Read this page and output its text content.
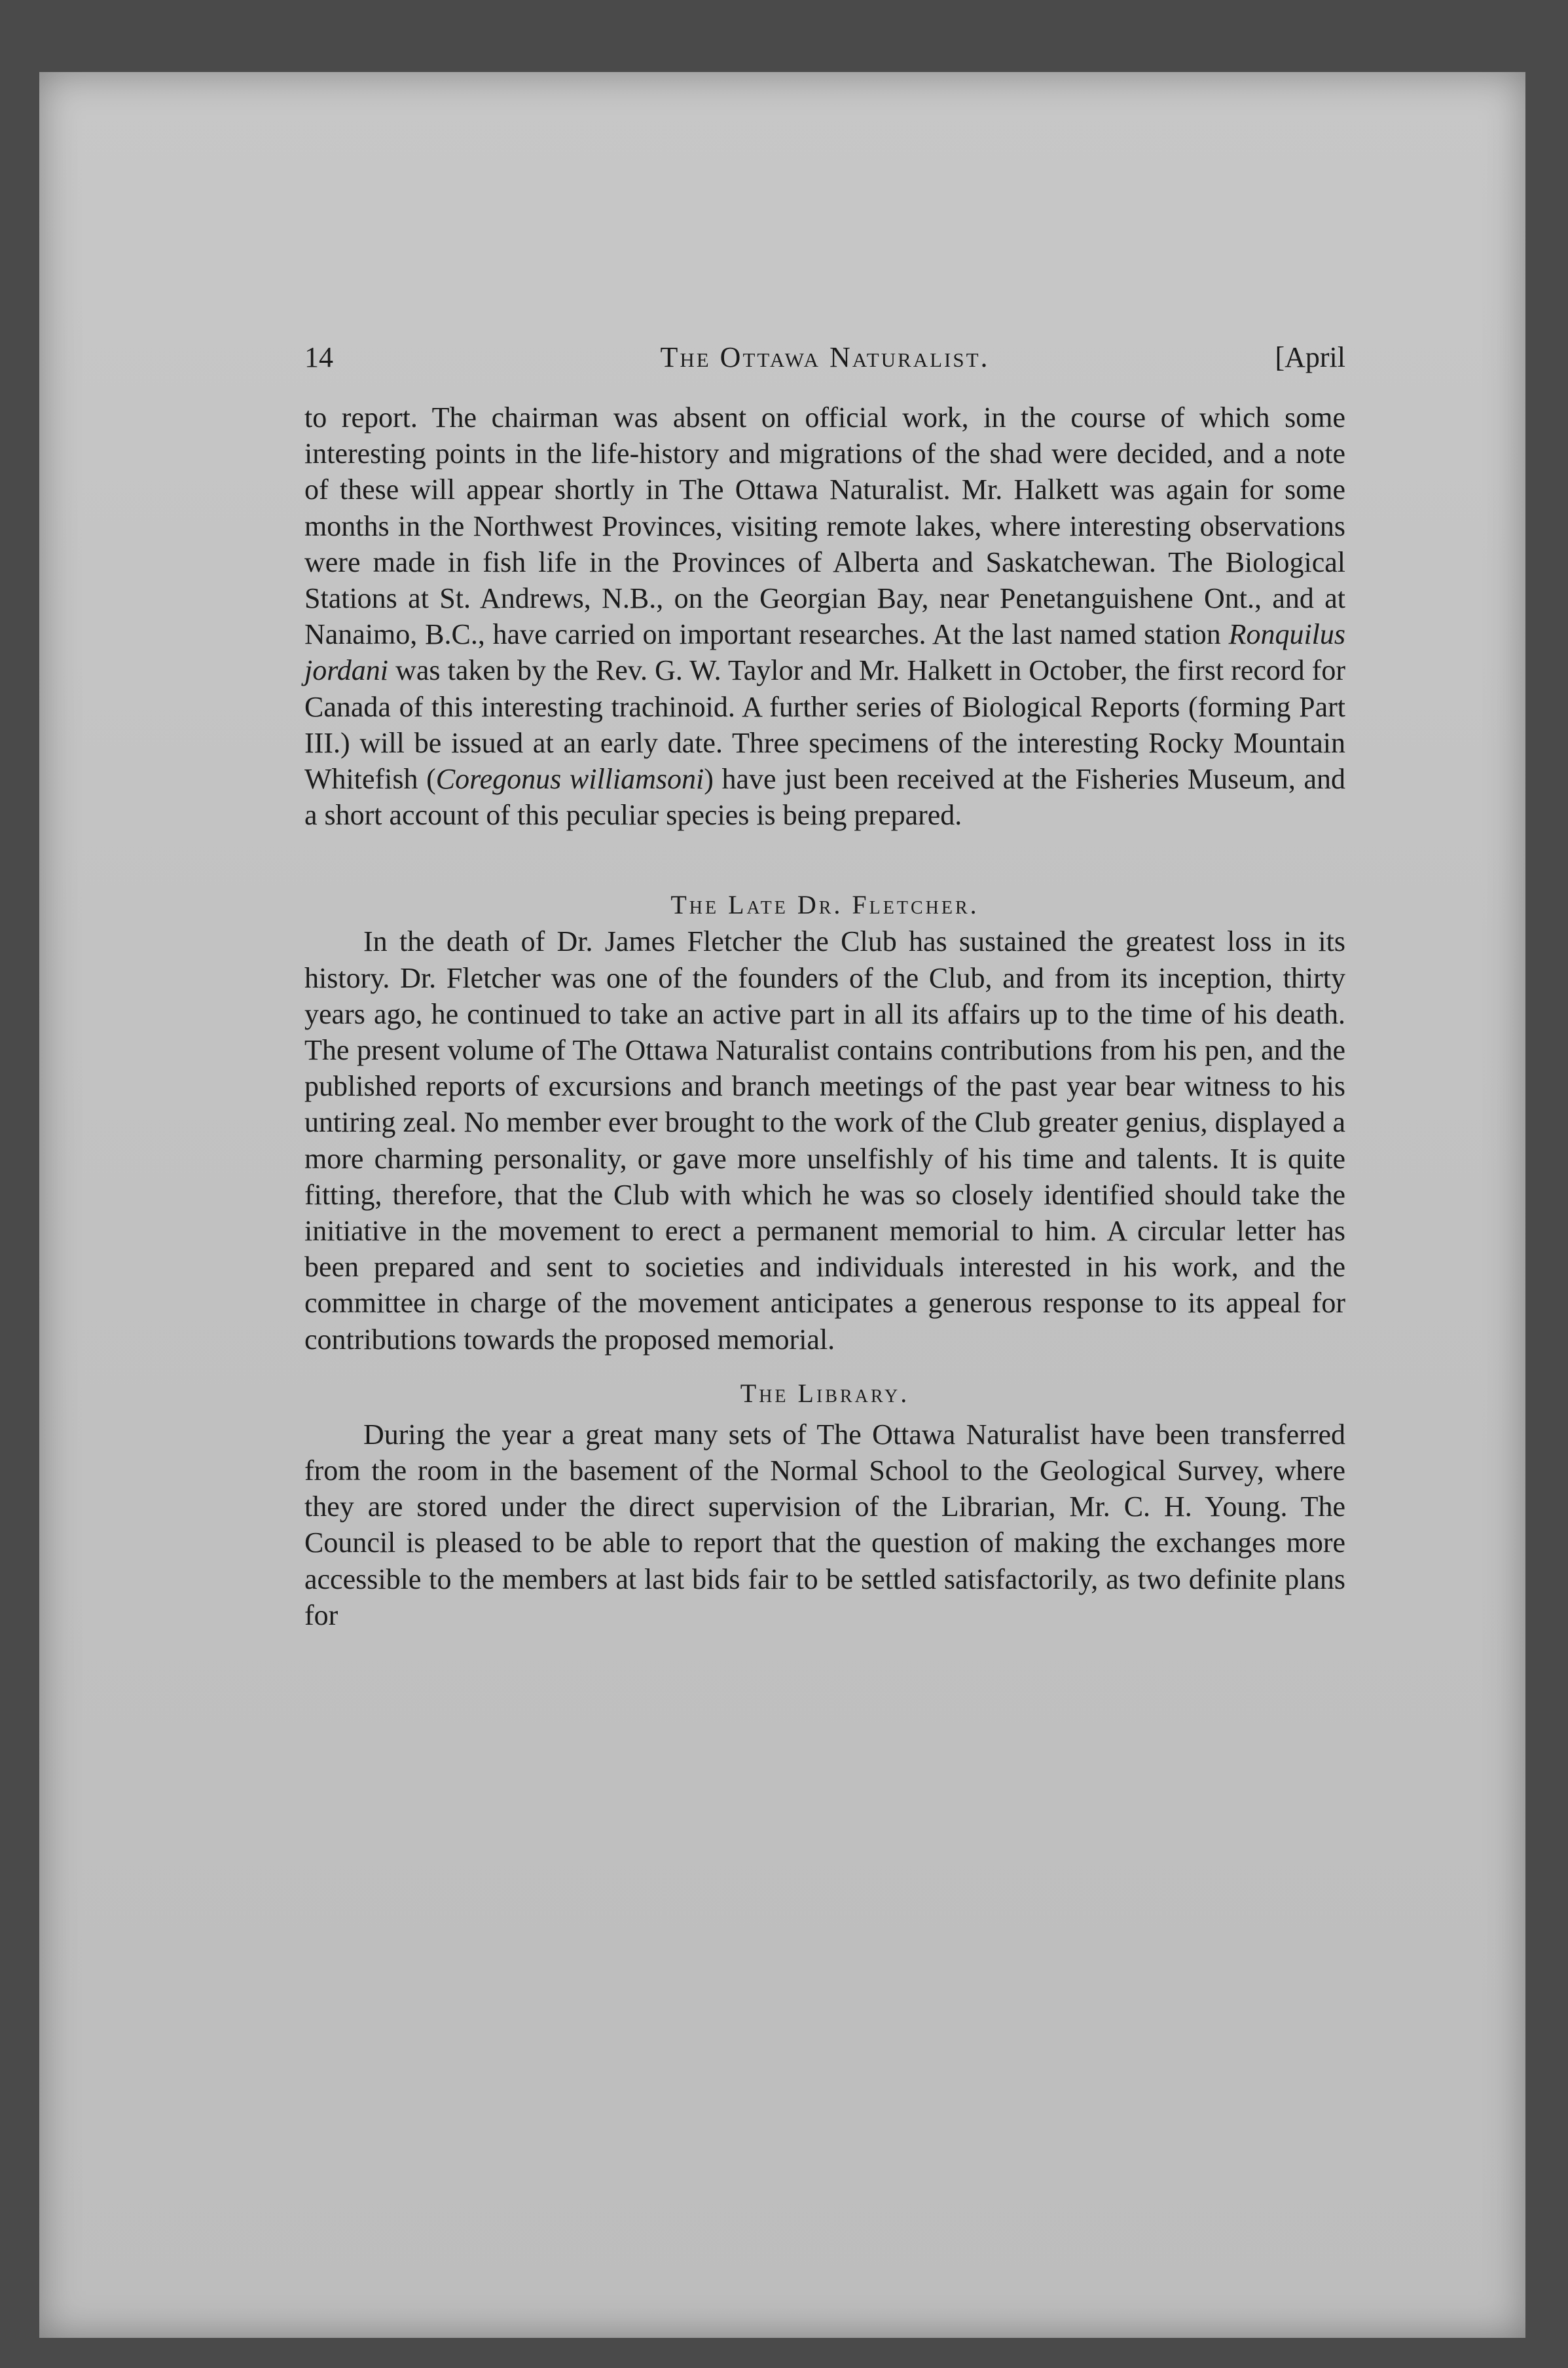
14	The Ottawa Naturalist.	[April

to report. The chairman was absent on official work, in the course of which some interesting points in the life-history and migrations of the shad were decided, and a note of these will appear shortly in The Ottawa Naturalist. Mr. Halkett was again for some months in the Northwest Provinces, visiting remote lakes, where interesting observations were made in fish life in the Provinces of Alberta and Saskatchewan. The Biological Stations at St. Andrews, N.B., on the Georgian Bay, near Penetanguishene Ont., and at Nanaimo, B.C., have carried on important researches. At the last named station Ronquilus jordani was taken by the Rev. G. W. Taylor and Mr. Halkett in October, the first record for Canada of this interesting trachinoid. A further series of Biological Reports (forming Part III.) will be issued at an early date. Three specimens of the interesting Rocky Mountain Whitefish (Coregonus williamsoni) have just been received at the Fisheries Museum, and a short account of this peculiar species is being prepared.

The Late Dr. Fletcher.

In the death of Dr. James Fletcher the Club has sustained the greatest loss in its history. Dr. Fletcher was one of the founders of the Club, and from its inception, thirty years ago, he continued to take an active part in all its affairs up to the time of his death. The present volume of The Ottawa Naturalist contains contributions from his pen, and the published reports of excursions and branch meetings of the past year bear witness to his untiring zeal. No member ever brought to the work of the Club greater genius, displayed a more charming personality, or gave more unselfishly of his time and talents. It is quite fitting, therefore, that the Club with which he was so closely identified should take the initiative in the movement to erect a permanent memorial to him. A circular letter has been prepared and sent to societies and individuals interested in his work, and the committee in charge of the movement anticipates a generous response to its appeal for contributions towards the proposed memorial.

The Library.

During the year a great many sets of The Ottawa Naturalist have been transferred from the room in the basement of the Normal School to the Geological Survey, where they are stored under the direct supervision of the Librarian, Mr. C. H. Young. The Council is pleased to be able to report that the question of making the exchanges more accessible to the members at last bids fair to be settled satisfactorily, as two definite plans for
